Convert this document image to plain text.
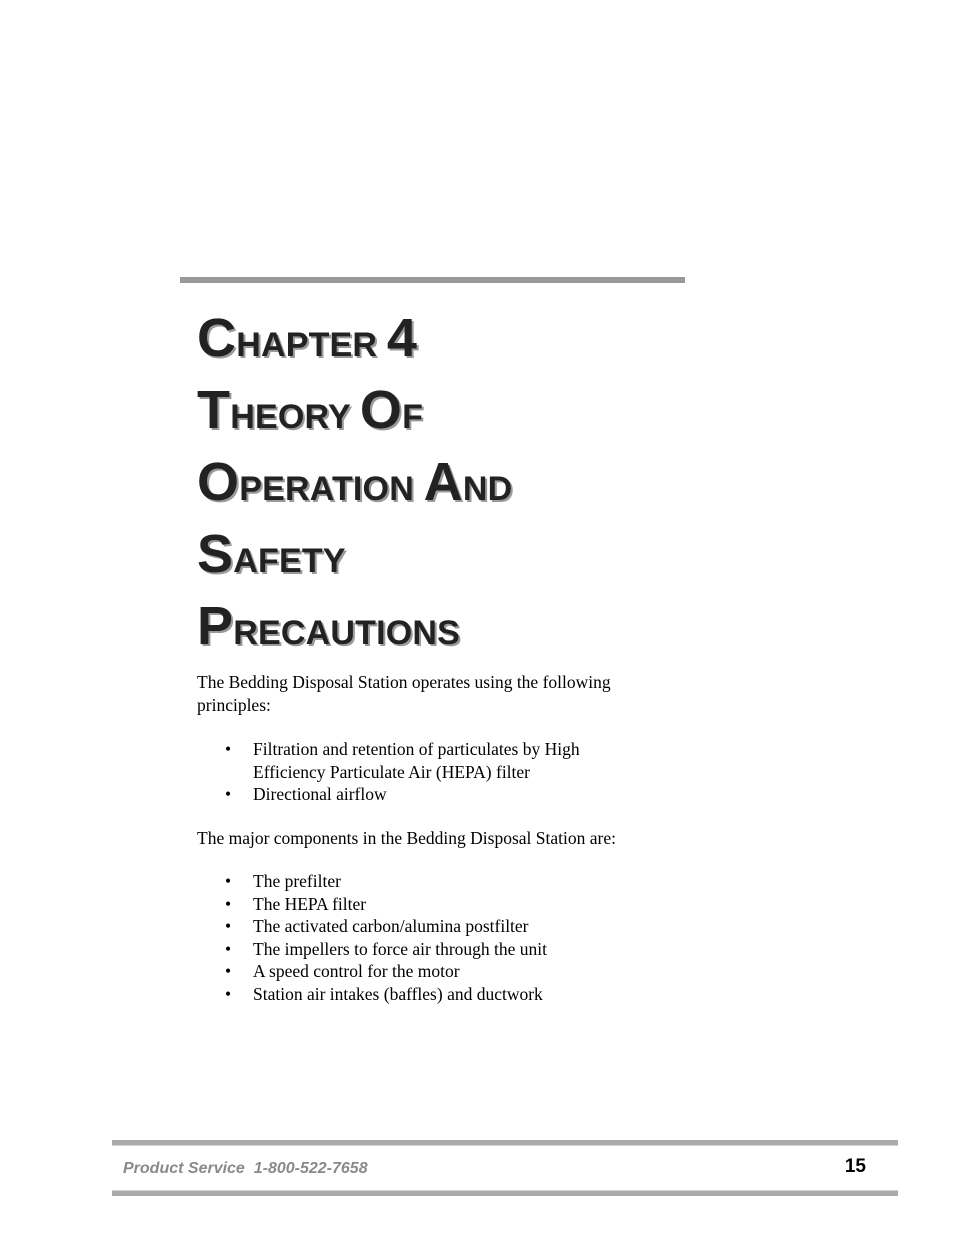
CHAPTER 4
THEORY OF
OPERATION AND
SAFETY
PRECAUTIONS

The Bedding Disposal Station operates using the following principles:

• Filtration and retention of particulates by High Efficiency Particulate Air (HEPA) filter
• Directional airflow

The major components in the Bedding Disposal Station are:

• The prefilter
• The HEPA filter
• The activated carbon/alumina postfilter
• The impellers to force air through the unit
• A speed control for the motor
• Station air intakes (baffles) and ductwork
Product Service  1-800-522-7658	15
